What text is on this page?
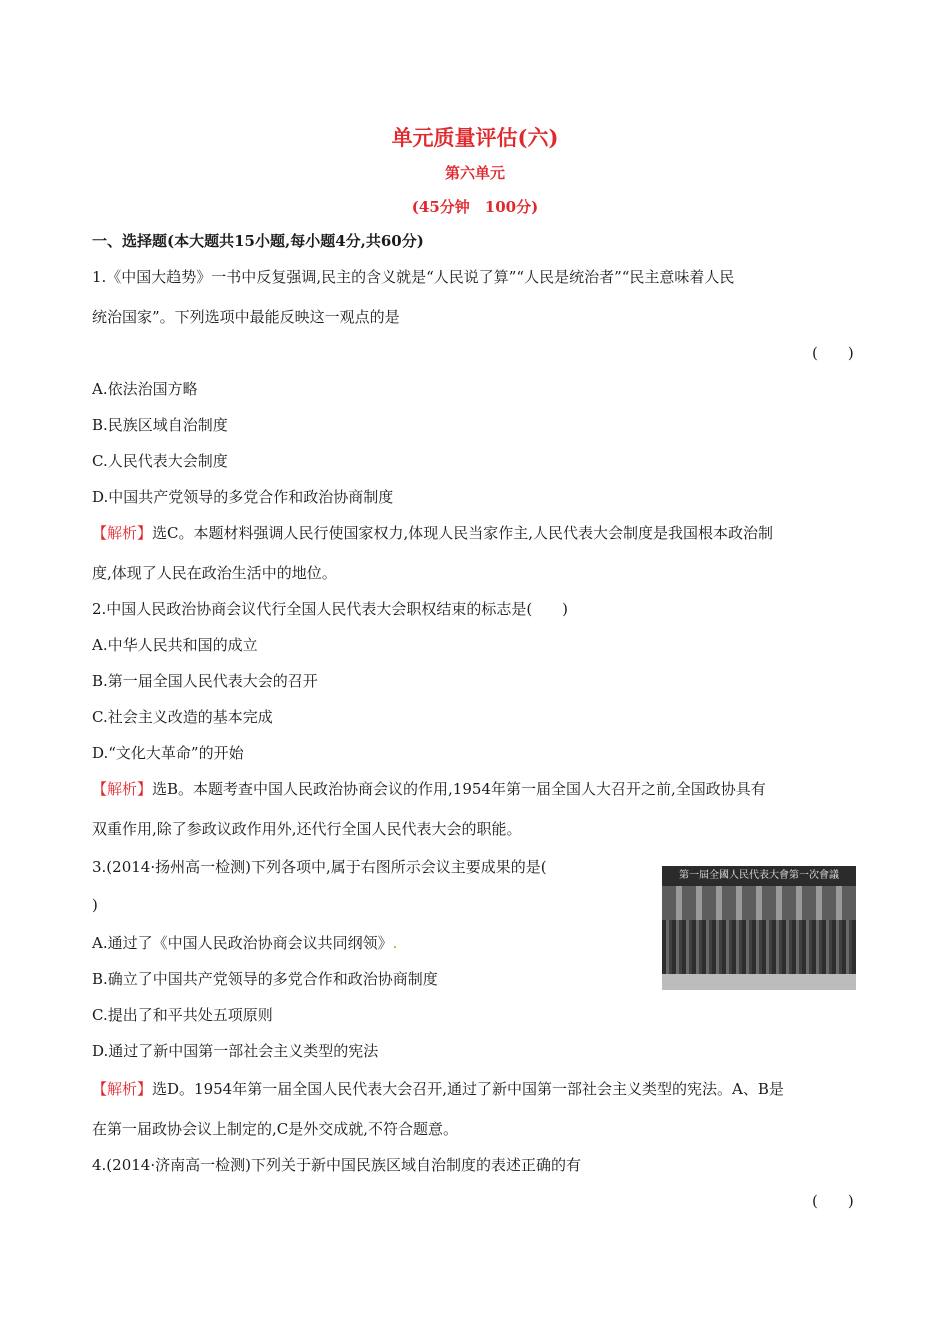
单元质量评估(六)
第六单元
(45分钟　100分)
一、选择题(本大题共15小题,每小题4分,共60分)
1.《中国大趋势》一书中反复强调,民主的含义就是“人民说了算”“人民是统治者”“民主意味着人民
统治国家”。下列选项中最能反映这一观点的是
(　　)
A.依法治国方略
B.民族区域自治制度
C.人民代表大会制度
D.中国共产党领导的多党合作和政治协商制度
【解析】选C。本题材料强调人民行使国家权力,体现人民当家作主,人民代表大会制度是我国根本政治制
度,体现了人民在政治生活中的地位。
2.中国人民政治协商会议代行全国人民代表大会职权结束的标志是(　　)
A.中华人民共和国的成立
B.第一届全国人民代表大会的召开
C.社会主义改造的基本完成
D.“文化大革命”的开始
【解析】选B。本题考查中国人民政治协商会议的作用,1954年第一届全国人大召开之前,全国政协具有
双重作用,除了参政议政作用外,还代行全国人民代表大会的职能。
3.(2014·扬州高一检测)下列各项中,属于右图所示会议主要成果的是(
)
A.通过了《中国人民政治协商会议共同纲领》.
B.确立了中国共产党领导的多党合作和政治协商制度
C.提出了和平共处五项原则
D.通过了新中国第一部社会主义类型的宪法
【解析】选D。1954年第一届全国人民代表大会召开,通过了新中国第一部社会主义类型的宪法。A、B是
在第一届政协会议上制定的,C是外交成就,不符合题意。
第一屆全國人民代表大會第一次會議
4.(2014·济南高一检测)下列关于新中国民族区域自治制度的表述正确的有
(　　)
